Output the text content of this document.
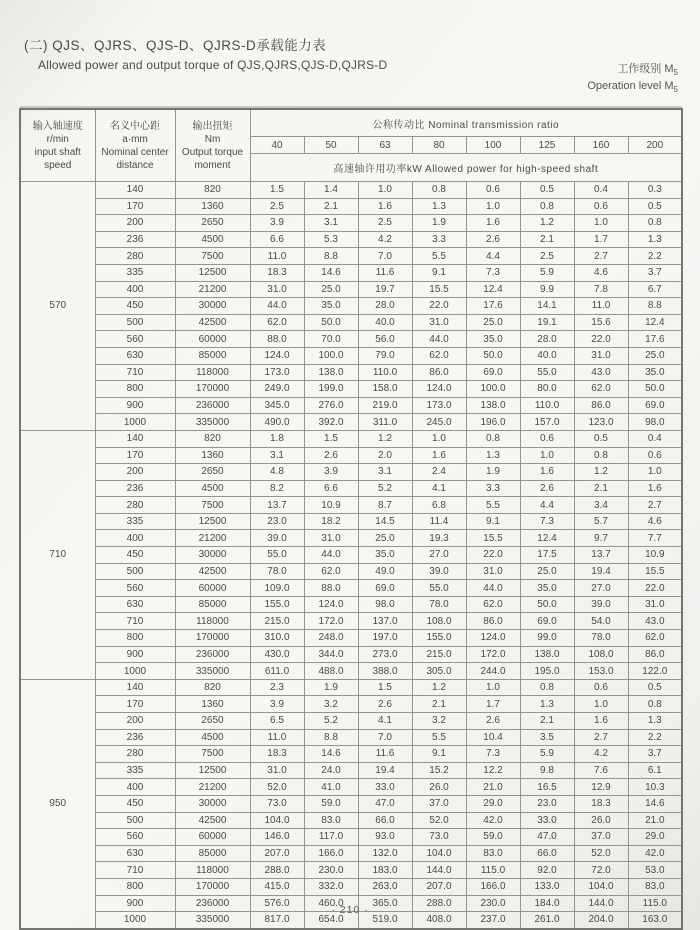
(二) QJS、QJRS、QJS-D、QJRS-D承载能力表
Allowed power and output torque of QJS,QJRS,QJS-D,QJRS-D	工作级别 $M_5$
Operation level $M_5$
输入轴速度
r/min
input shaft
speed

名义中心距
a·mm
Nominal center
distance

输出扭矩
Nm
Output torque
moment
	公称传动比 Nominal transmission ratio
			40	50	63	80	100	125	160	200
			高速轴许用功率kW Allowed power for high-speed shaft							
570	140	820	1.5	1.4	1.0	0.8	0.6	0.5	0.4	0.3
	170	1360	2.5	2.1	1.6	1.3	1.0	0.8	0.6	0.5
	200	2650	3.9	3.1	2.5	1.9	1.6	1.2	1.0	0.8
	236	4500	6.6	5.3	4.2	3.3	2.6	2.1	1.7	1.3
	280	7500	11.0	8.8	7.0	5.5	4.4	2.5	2.7	2.2
	335	12500	18.3	14.6	11.6	9.1	7.3	5.9	4.6	3.7
	400	21200	31.0	25.0	19.7	15.5	12.4	9.9	7.8	6.7
	450	30000	44.0	35.0	28.0	22.0	17.6	14.1	11.0	8.8
	500	42500	62.0	50.0	40.0	31.0	25.0	19.1	15.6	12.4
	560	60000	88.0	70.0	56.0	44.0	35.0	28.0	22.0	17.6
	630	85000	124.0	100.0	79.0	62.0	50.0	40.0	31.0	25.0
	710	118000	173.0	138.0	110.0	86.0	69.0	55.0	43.0	35.0
	800	170000	249.0	199.0	158.0	124.0	100.0	80.0	62.0	50.0
	900	236000	345.0	276.0	219.0	173.0	138.0	110.0	86.0	69.0
	1000	335000	490.0	392.0	311.0	245.0	196.0	157.0	123.0	98.0
710	140	820	1.8	1.5	1.2	1.0	0.8	0.6	0.5	0.4
	170	1360	3.1	2.6	2.0	1.6	1.3	1.0	0.8	0.6
	200	2650	4.8	3.9	3.1	2.4	1.9	1.6	1.2	1.0
	236	4500	8.2	6.6	5.2	4.1	3.3	2.6	2.1	1.6
	280	7500	13.7	10.9	8.7	6.8	5.5	4.4	3.4	2.7
	335	12500	23.0	18.2	14.5	11.4	9.1	7.3	5.7	4.6
	400	21200	39.0	31.0	25.0	19.3	15.5	12.4	9.7	7.7
	450	30000	55.0	44.0	35.0	27.0	22.0	17.5	13.7	10.9
	500	42500	78.0	62.0	49.0	39.0	31.0	25.0	19.4	15.5
	560	60000	109.0	88.0	69.0	55.0	44.0	35.0	27.0	22.0
	630	85000	155.0	124.0	98.0	78.0	62.0	50.0	39.0	31.0
	710	118000	215.0	172.0	137.0	108.0	86.0	69.0	54.0	43.0
	800	170000	310.0	248.0	197.0	155.0	124.0	99.0	78.0	62.0
	900	236000	430.0	344.0	273.0	215.0	172.0	138.0	108.0	86.0
	1000	335000	611.0	488.0	388.0	305.0	244.0	195.0	153.0	122.0
950	140	820	2.3	1.9	1.5	1.2	1.0	0.8	0.6	0.5
	170	1360	3.9	3.2	2.6	2.1	1.7	1.3	1.0	0.8
	200	2650	6.5	5.2	4.1	3.2	2.6	2.1	1.6	1.3
	236	4500	11.0	8.8	7.0	5.5	10.4	3.5	2.7	2.2
	280	7500	18.3	14.6	11.6	9.1	7.3	5.9	4.2	3.7
	335	12500	31.0	24.0	19.4	15.2	12.2	9.8	7.6	6.1
	400	21200	52.0	41.0	33.0	26.0	21.0	16.5	12.9	10.3
	450	30000	73.0	59.0	47.0	37.0	29.0	23.0	18.3	14.6
	500	42500	104.0	83.0	66.0	52.0	42.0	33.0	26.0	21.0
	560	60000	146.0	117.0	93.0	73.0	59.0	47.0	37.0	29.0
	630	85000	207.0	166.0	132.0	104.0	83.0	66.0	52.0	42.0
	710	118000	288.0	230.0	183.0	144.0	115.0	92.0	72.0	53.0
	800	170000	415.0	332.0	263.0	207.0	166.0	133.0	104.0	83.0
	900	236000	576.0	460.0	365.0	288.0	230.0	184.0	144.0	115.0
	1000	335000	817.0	654.0	519.0	408.0	237.0	261.0	204.0	163.0
· 210 ·
